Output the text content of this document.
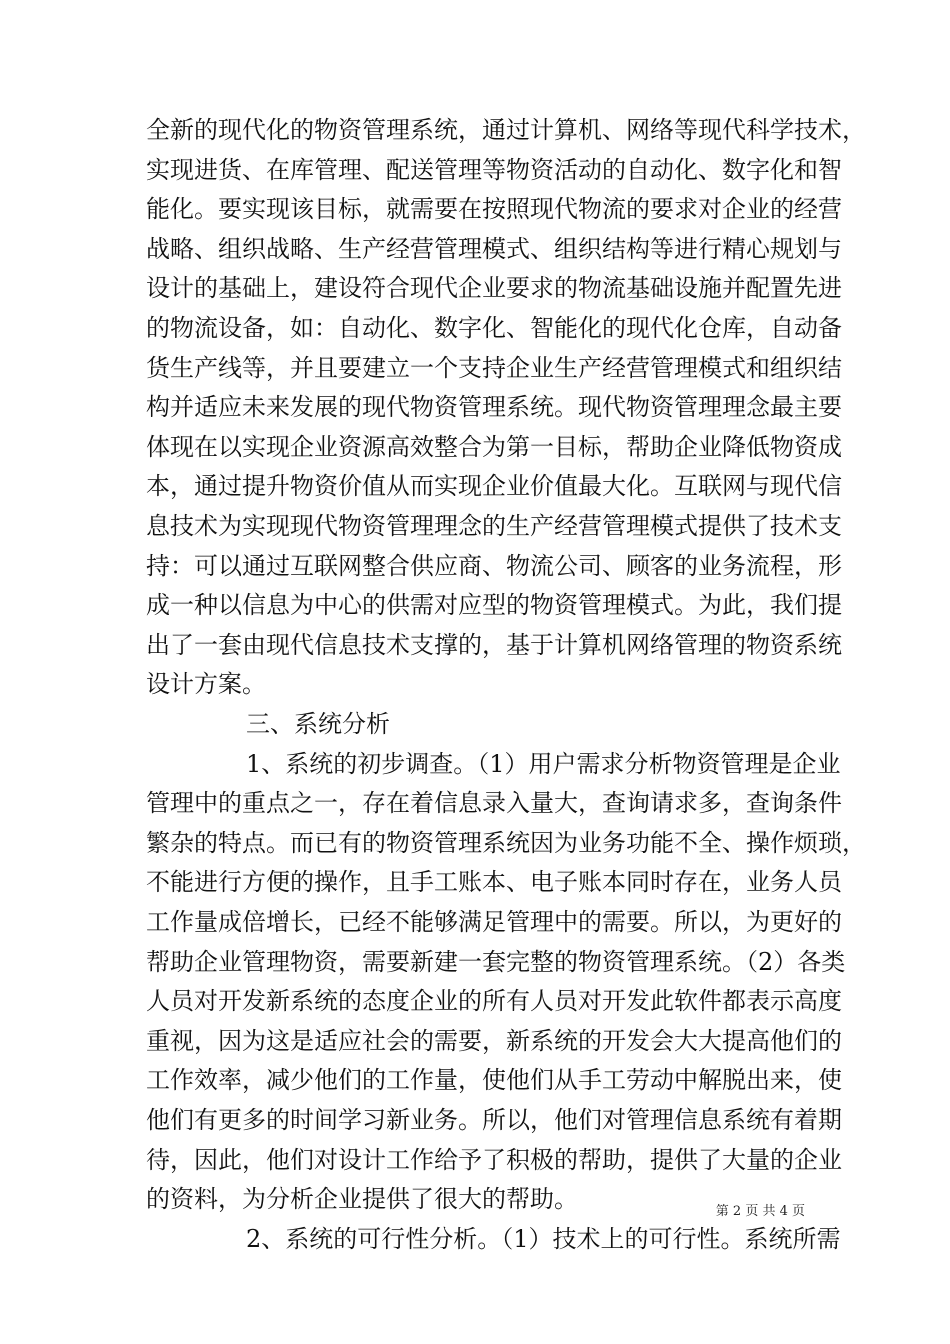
全新的现代化的物资管理系统，通过计算机、网络等现代科学技术，
实现进货、在库管理、配送管理等物资活动的自动化、数字化和智
能化。要实现该目标，就需要在按照现代物流的要求对企业的经营
战略、组织战略、生产经营管理模式、组织结构等进行精心规划与
设计的基础上，建设符合现代企业要求的物流基础设施并配置先进
的物流设备，如：自动化、数字化、智能化的现代化仓库，自动备
货生产线等，并且要建立一个支持企业生产经营管理模式和组织结
构并适应未来发展的现代物资管理系统。现代物资管理理念最主要
体现在以实现企业资源高效整合为第一目标，帮助企业降低物资成
本，通过提升物资价值从而实现企业价值最大化。互联网与现代信
息技术为实现现代物资管理理念的生产经营管理模式提供了技术支
持：可以通过互联网整合供应商、物流公司、顾客的业务流程，形
成一种以信息为中心的供需对应型的物资管理模式。为此，我们提
出了一套由现代信息技术支撑的，基于计算机网络管理的物资系统
设计方案。
三、系统分析
1、系统的初步调查。（1）用户需求分析物资管理是企业
管理中的重点之一，存在着信息录入量大，查询请求多，查询条件
繁杂的特点。而已有的物资管理系统因为业务功能不全、操作烦琐，
不能进行方便的操作，且手工账本、电子账本同时存在，业务人员
工作量成倍增长，已经不能够满足管理中的需要。所以，为更好的
帮助企业管理物资，需要新建一套完整的物资管理系统。（2）各类
人员对开发新系统的态度企业的所有人员对开发此软件都表示高度
重视，因为这是适应社会的需要，新系统的开发会大大提高他们的
工作效率，减少他们的工作量，使他们从手工劳动中解脱出来，使
他们有更多的时间学习新业务。所以，他们对管理信息系统有着期
待，因此，他们对设计工作给予了积极的帮助，提供了大量的企业
的资料，为分析企业提供了很大的帮助。
2、系统的可行性分析。（1）技术上的可行性。系统所需
第 2 页 共 4 页
